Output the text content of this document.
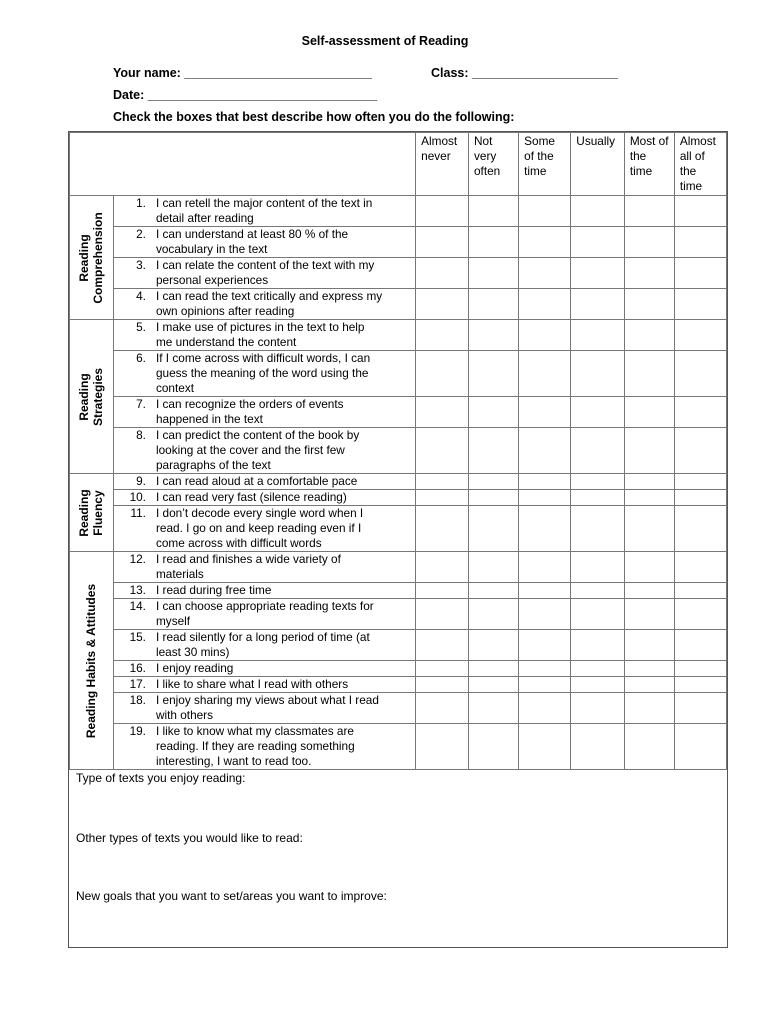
Self-assessment of Reading
Your name: ___________________________	Class: _____________________
Date: _________________________________
Check the boxes that best describe how often you do the following:
		Almost never	Not very often	Some of the time	Usually	Most of the time	Almost all of the time

Reading Comprehension	1. I can retell the major content of the text in detail after reading						
	2. I can understand at least 80 % of the vocabulary in the text						
	3. I can relate the content of the text with my personal experiences						
	4. I can read the text critically and express my own opinions after reading						

Reading Strategies	5. I make use of pictures in the text to help me understand the content						
	6. If I come across with difficult words, I can guess the meaning of the word using the context						
	7. I can recognize the orders of events happened in the text						
	8. I can predict the content of the book by looking at the cover and the first few paragraphs of the text						

Reading Fluency	9. I can read aloud at a comfortable pace						
	10. I can read very fast (silence reading)						
	11. I don’t decode every single word when I read. I go on and keep reading even if I come across with difficult words						

Reading Habits & Attitudes	12. I read and finishes a wide variety of materials						
	13. I read during free time						
	14. I can choose appropriate reading texts for myself						
	15. I read silently for a long period of time (at least 30 mins)						
	16. I enjoy reading						
	17. I like to share what I read with others						
	18. I enjoy sharing my views about what I read with others						
	19. I like to know what my classmates are reading. If they are reading something interesting, I want to read too.						
Type of texts you enjoy reading:
Other types of texts you would like to read:
New goals that you want to set/areas you want to improve:
